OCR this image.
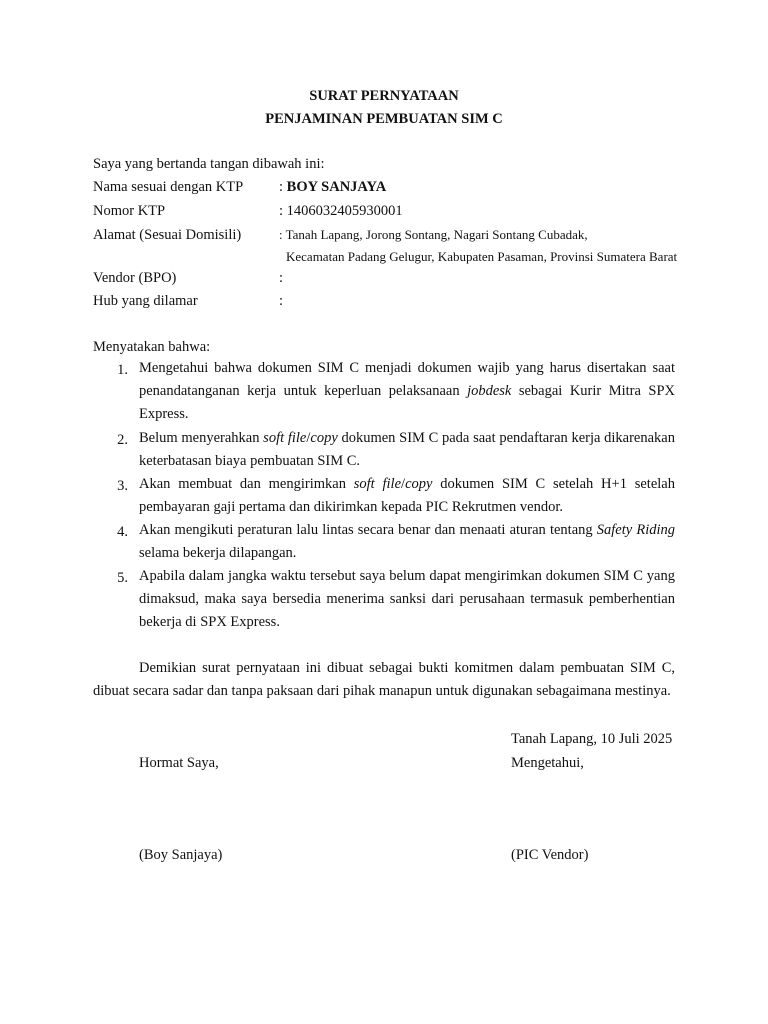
SURAT PERNYATAAN
PENJAMINAN PEMBUATAN SIM C
Saya yang bertanda tangan dibawah ini:
Nama sesuai dengan KTP : BOY SANJAYA
Nomor KTP	: 1406032405930001
Alamat (Sesuai Domisili)	: Tanah Lapang, Jorong Sontang, Nagari Sontang Cubadak,
Kecamatan Padang Gelugur, Kabupaten Pasaman, Provinsi Sumatera Barat
Vendor (BPO)	:
Hub yang dilamar	:
Menyatakan bahwa:
1. Mengetahui bahwa dokumen SIM C menjadi dokumen wajib yang harus disertakan saat penandatanganan kerja untuk keperluan pelaksanaan jobdesk sebagai Kurir Mitra SPX Express.
2. Belum menyerahkan soft file/copy dokumen SIM C pada saat pendaftaran kerja dikarenakan keterbatasan biaya pembuatan SIM C.
3. Akan membuat dan mengirimkan soft file/copy dokumen SIM C setelah H+1 setelah pembayaran gaji pertama dan dikirimkan kepada PIC Rekrutmen vendor.
4. Akan mengikuti peraturan lalu lintas secara benar dan menaati aturan tentang Safety Riding selama bekerja dilapangan.
5. Apabila dalam jangka waktu tersebut saya belum dapat mengirimkan dokumen SIM C yang dimaksud, maka saya bersedia menerima sanksi dari perusahaan termasuk pemberhentian bekerja di SPX Express.
Demikian surat pernyataan ini dibuat sebagai bukti komitmen dalam pembuatan SIM C, dibuat secara sadar dan tanpa paksaan dari pihak manapun untuk digunakan sebagaimana mestinya.
Tanah Lapang, 10 Juli 2025
Hormat Saya,	Mengetahui,
(Boy Sanjaya)	(PIC Vendor)
